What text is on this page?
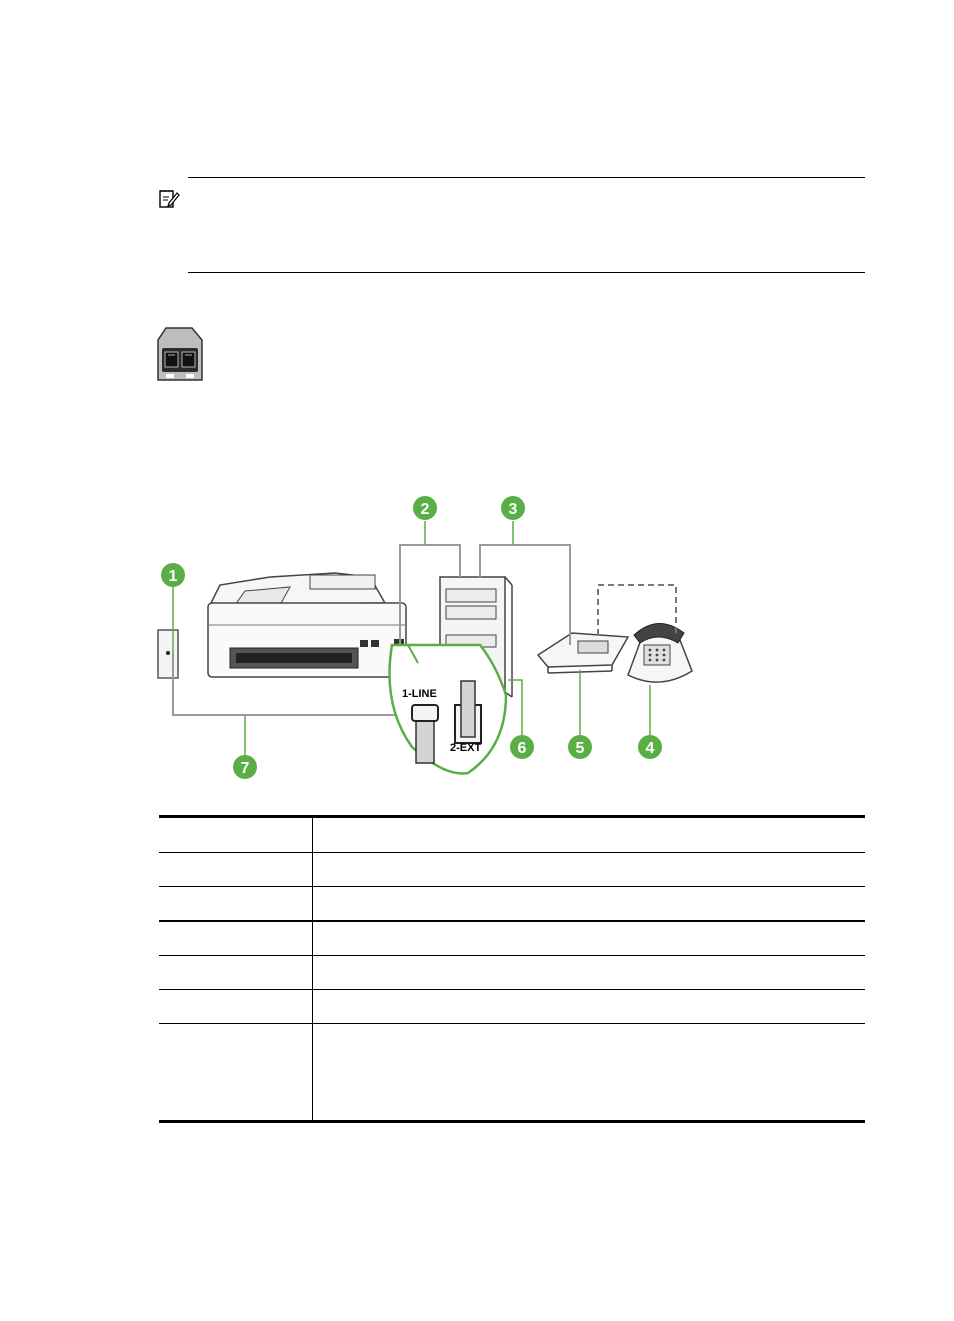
1-LINE
2-EXT
1
2	3
4
5
6
7
